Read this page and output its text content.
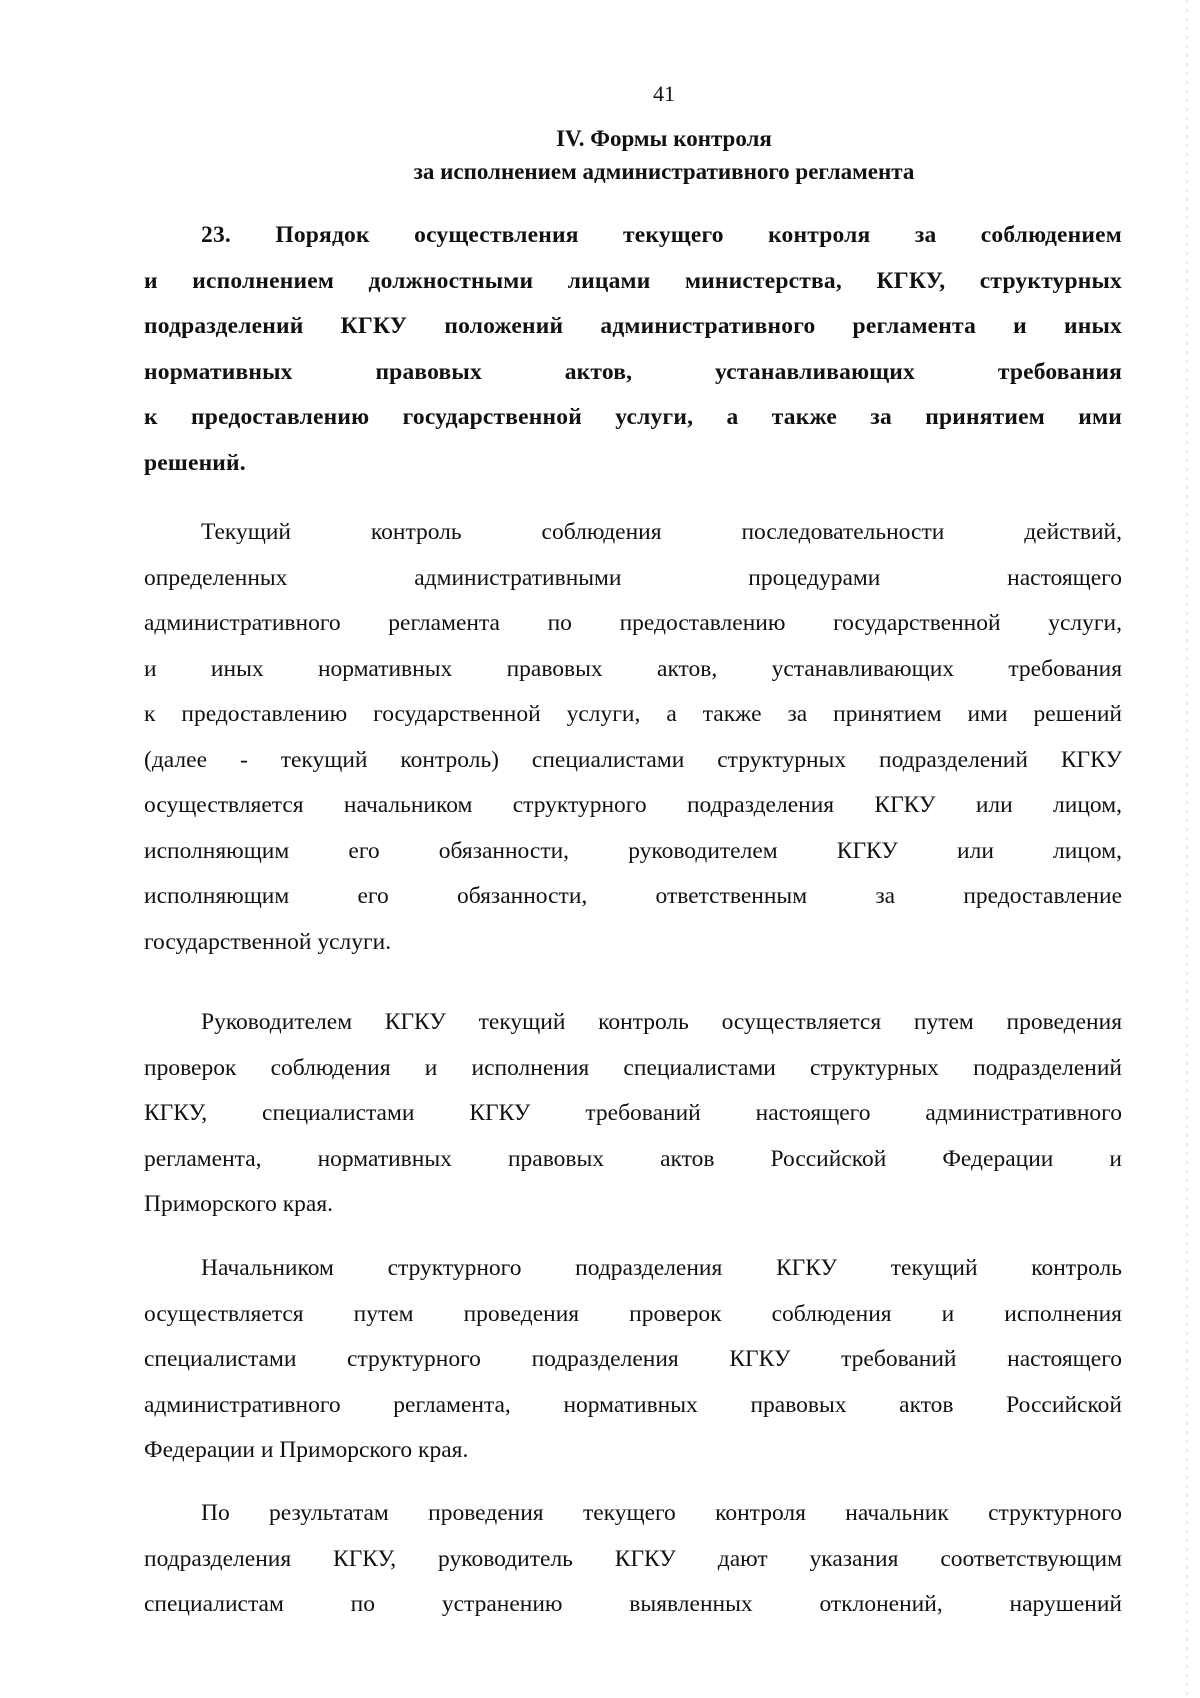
41
IV. Формы контроля
за исполнением административного регламента
23. Порядок осуществления текущего контроля за соблюдением
и исполнением должностными лицами министерства, КГКУ, структурных
подразделений КГКУ положений административного регламента и иных
нормативных правовых актов, устанавливающих требования
к предоставлению государственной услуги, а также за принятием ими
решений.
Текущий контроль соблюдения последовательности действий,
определенных административными процедурами настоящего
административного регламента по предоставлению государственной услуги,
и иных нормативных правовых актов, устанавливающих требования
к предоставлению государственной услуги, а также за принятием ими решений
(далее - текущий контроль) специалистами структурных подразделений КГКУ
осуществляется начальником структурного подразделения КГКУ или лицом,
исполняющим его обязанности, руководителем КГКУ или лицом,
исполняющим его обязанности, ответственным за предоставление
государственной услуги.
Руководителем КГКУ текущий контроль осуществляется путем проведения
проверок соблюдения и исполнения специалистами структурных подразделений
КГКУ, специалистами КГКУ требований настоящего административного
регламента, нормативных правовых актов Российской Федерации и
Приморского края.
Начальником структурного подразделения КГКУ текущий контроль
осуществляется путем проведения проверок соблюдения и исполнения
специалистами структурного подразделения КГКУ требований настоящего
административного регламента, нормативных правовых актов Российской
Федерации и Приморского края.
По результатам проведения текущего контроля начальник структурного
подразделения КГКУ, руководитель КГКУ дают указания соответствующим
специалистам по устранению выявленных отклонений, нарушений
